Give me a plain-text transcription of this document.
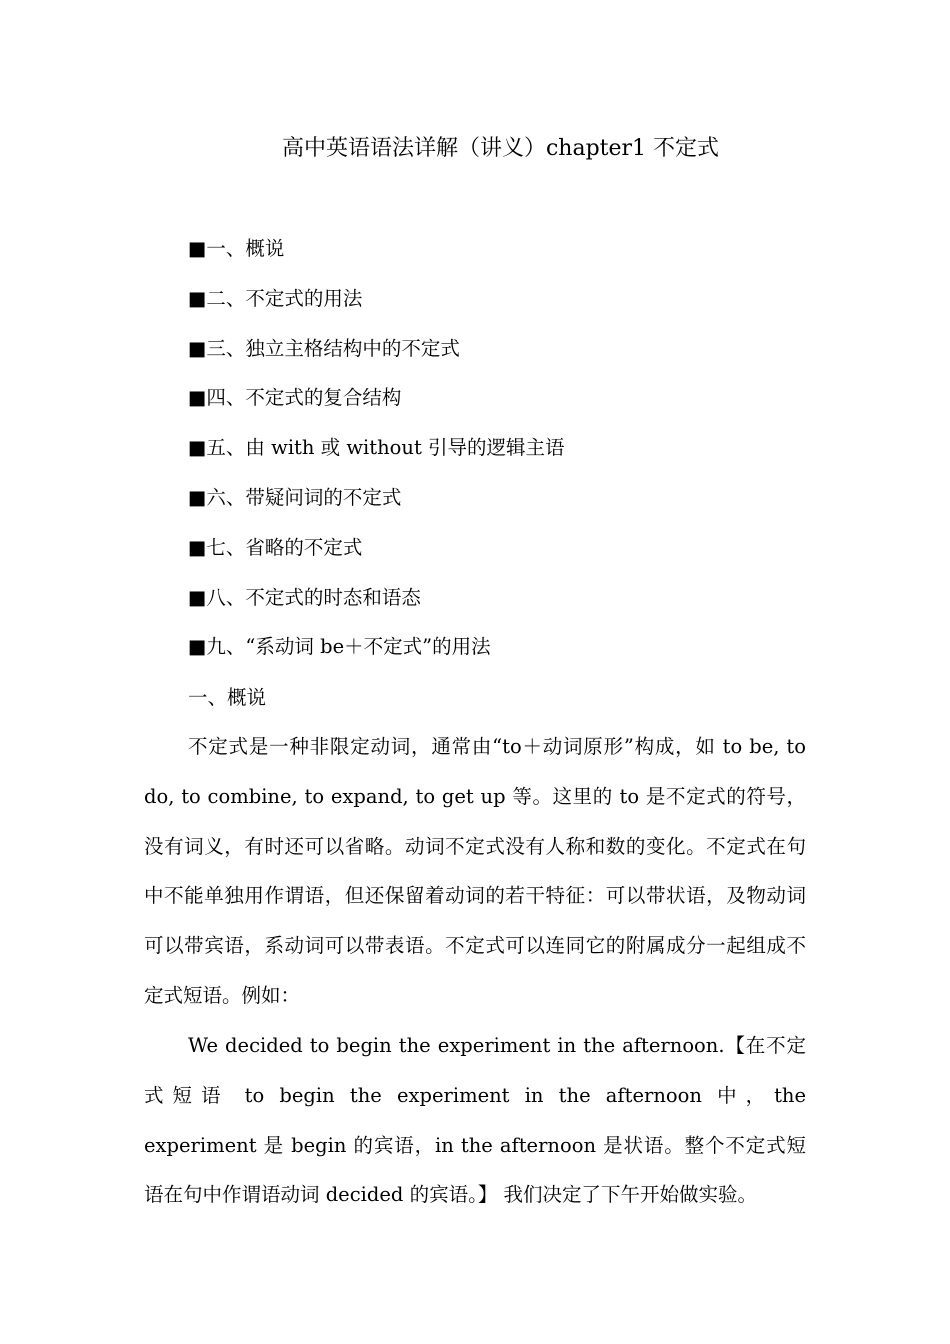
高中英语语法详解（讲义）chapter1 不定式
■一、概说
■二、不定式的用法
■三、独立主格结构中的不定式
■四、不定式的复合结构
■五、由 with 或 without 引导的逻辑主语
■六、带疑问词的不定式
■七、省略的不定式
■八、不定式的时态和语态
■九、“系动词 be＋不定式”的用法
一、概说

不定式是一种非限定动词，通常由“to＋动词原形”构成，如 to be, to do, to combine, to expand, to get up 等。这里的 to 是不定式的符号，没有词义，有时还可以省略。动词不定式没有人称和数的变化。不定式在句中不能单独用作谓语，但还保留着动词的若干特征：可以带状语，及物动词可以带宾语，系动词可以带表语。不定式可以连同它的附属成分一起组成不定式短语。例如：

We decided to begin the experiment in the afternoon.【在不定式短语 to begin the experiment in the afternoon 中，the experiment 是 begin 的宾语，in the afternoon 是状语。整个不定式短语在句中作谓语动词 decided 的宾语。】 我们决定了下午开始做实验。
